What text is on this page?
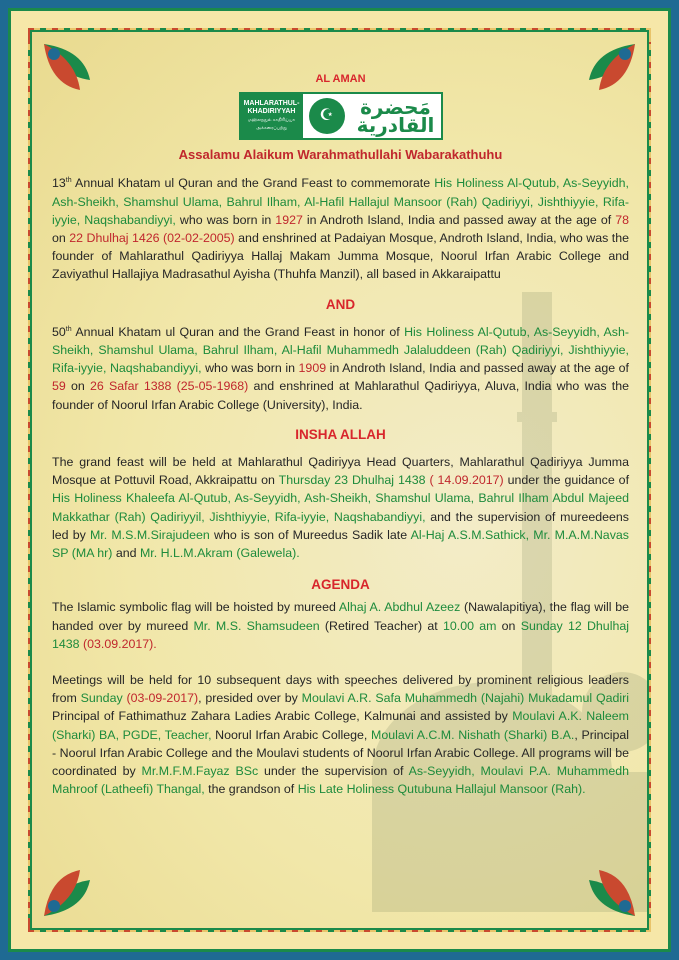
AL AMAN
MAHLARATHUL-
KHADIRIYYAH
மஹ்லறதுல் காதிரிய்யா அக்கரைப்பற்று
☪	مَحضرة القادرية
Assalamu Alaikum Warahmathullahi Wabarakathuhu

13th Annual Khatam ul Quran and the Grand Feast to commemorate His Holiness Al-Qutub, As-Seyyidh, Ash-Sheikh, Shamshul Ulama, Bahrul Ilham, Al-Hafil Hallajul Mansoor (Rah) Qadiriyyi, Jishthiyyie, Rifa-iyyie, Naqshabandiyyi, who was born in 1927 in Androth Island, India and passed away at the age of 78 on 22 Dhulhaj 1426 (02-02-2005) and enshrined at Padaiyan Mosque, Androth Island, India, who was the founder of Mahlarathul Qadiriyya Hallaj Makam Jumma Mosque, Noorul Irfan Arabic College and Zaviyathul Hallajiya Madrasathul Ayisha (Thuhfa Manzil), all based in Akkaraipattu

AND

50th Annual Khatam ul Quran and the Grand Feast in honor of His Holiness Al-Qutub, As-Seyyidh, Ash-Sheikh, Shamshul Ulama, Bahrul Ilham, Al-Hafil Muhammedh Jalaluddeen (Rah) Qadiriyyi, Jishthiyyie, Rifa-iyyie, Naqshabandiyyi, who was born in 1909 in Androth Island, India and passed away at the age of 59 on 26 Safar 1388 (25-05-1968) and enshrined at Mahlarathul Qadiriyya, Aluva, India who was the founder of Noorul Irfan Arabic College (University), India.

INSHA ALLAH

The grand feast will be held at Mahlarathul Qadiriyya Head Quarters, Mahlarathul Qadiriyya Jumma Mosque at Pottuvil Road, Akkraipattu on Thursday 23 Dhulhaj 1438 ( 14.09.2017) under the guidance of His Holiness Khaleefa Al-Qutub, As-Seyyidh, Ash-Sheikh, Shamshul Ulama, Bahrul Ilham Abdul Majeed Makkathar (Rah) Qadiriyyil, Jishthiyyie, Rifa-iyyie, Naqshabandiyyi, and the supervision of mureedeens led by Mr. M.S.M.Sirajudeen who is son of Mureedus Sadik late Al-Haj A.S.M.Sathick, Mr. M.A.M.Navas SP (MA hr) and Mr. H.L.M.Akram (Galewela).

AGENDA

The Islamic symbolic flag will be hoisted by mureed Alhaj A. Abdhul Azeez (Nawalapitiya), the flag will be handed over by mureed Mr. M.S. Shamsudeen (Retired Teacher) at 10.00 am on Sunday 12 Dhulhaj 1438 (03.09.2017).

Meetings will be held for 10 subsequent days with speeches delivered by prominent religious leaders from Sunday (03-09-2017), presided over by Moulavi A.R. Safa Muhammedh (Najahi) Mukadamul Qadiri Principal of Fathimathuz Zahara Ladies Arabic College, Kalmunai and assisted by Moulavi A.K. Naleem (Sharki) BA, PGDE, Teacher, Noorul Irfan Arabic College, Moulavi A.C.M. Nishath (Sharki) B.A., Principal - Noorul Irfan Arabic College and the Moulavi students of Noorul Irfan Arabic College. All programs will be coordinated by Mr.M.F.M.Fayaz BSc under the supervision of As-Seyyidh, Moulavi P.A. Muhammedh Mahroof (Latheefi) Thangal, the grandson of His Late Holiness Qutubuna Hallajul Mansoor (Rah).
